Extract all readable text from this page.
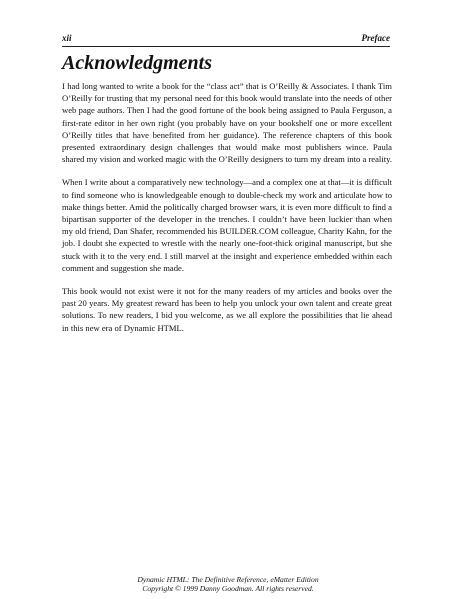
xii	Preface
Acknowledgments

I had long wanted to write a book for the “class act” that is O’Reilly & Associates. I thank Tim O’Reilly for trusting that my personal need for this book would translate into the needs of other web page authors. Then I had the good fortune of the book being assigned to Paula Ferguson, a first-rate editor in her own right (you probably have on your bookshelf one or more excellent O’Reilly titles that have benefited from her guidance). The reference chapters of this book presented extraordinary design challenges that would make most publishers wince. Paula shared my vision and worked magic with the O’Reilly designers to turn my dream into a reality.

When I write about a comparatively new technology—and a complex one at that—it is difficult to find someone who is knowledgeable enough to double-check my work and articulate how to make things better. Amid the politically charged browser wars, it is even more difficult to find a bipartisan supporter of the developer in the trenches. I couldn’t have been luckier than when my old friend, Dan Shafer, recommended his BUILDER.COM colleague, Charity Kahn, for the job. I doubt she expected to wrestle with the nearly one-foot-thick original manuscript, but she stuck with it to the very end. I still marvel at the insight and experience embedded within each comment and suggestion she made.

This book would not exist were it not for the many readers of my articles and books over the past 20 years. My greatest reward has been to help you unlock your own talent and create great solutions. To new readers, I bid you welcome, as we all explore the possibilities that lie ahead in this new era of Dynamic HTML.

Dynamic HTML: The Definitive Reference, eMatter Edition
Copyright © 1999 Danny Goodman. All rights reserved.
